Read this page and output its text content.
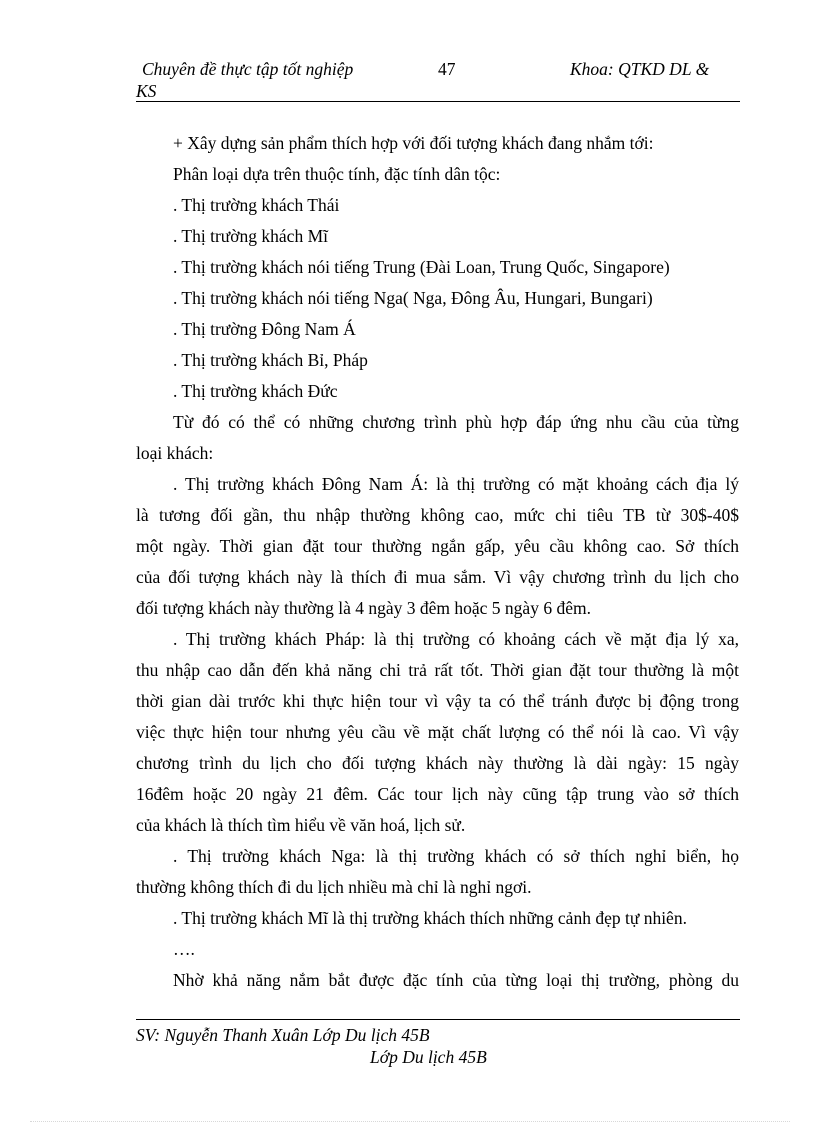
Chuyên đề thực tập tốt nghiệp	47	Khoa: QTKD DL &
KS

+ Xây dựng sản phẩm thích hợp với đối tượng khách đang nhắm tới:

Phân loại dựa trên thuộc tính, đặc tính dân tộc:

. Thị trường khách Thái

. Thị trường khách Mĩ

. Thị trường khách nói tiếng Trung (Đài Loan, Trung Quốc, Singapore)

. Thị trường khách nói tiếng Nga( Nga, Đông Âu, Hungari, Bungari)

. Thị trường Đông Nam Á

. Thị trường khách Bỉ, Pháp

. Thị trường khách Đức

Từ đó có thể có những chương trình phù hợp đáp ứng nhu cầu của từng

loại khách:

. Thị trường khách Đông Nam Á: là thị trường có mặt khoảng cách địa lý

là tương đối gần, thu nhập thường không cao, mức chi tiêu TB từ 30$-40$

một ngày. Thời gian đặt tour thường ngắn gấp, yêu cầu không cao. Sở thích

của đối tượng khách này là thích đi mua sắm. Vì vậy chương trình du lịch cho

đối tượng khách này thường là 4 ngày 3 đêm hoặc 5 ngày 6 đêm.

. Thị trường khách Pháp: là thị trường có khoảng cách về mặt địa lý xa,

thu nhập cao dẫn đến khả năng chi trả rất tốt. Thời gian đặt tour thường là một

thời gian dài trước khi thực hiện tour vì vậy ta có thể tránh được bị động trong

việc thực hiện tour nhưng yêu cầu về mặt chất lượng có thể nói là cao. Vì vậy

chương trình du lịch cho đối tượng khách này thường là dài ngày: 15 ngày

16đêm hoặc 20 ngày 21 đêm. Các tour lịch này cũng tập trung vào sở thích

của khách là thích tìm hiểu về văn hoá, lịch sử.

. Thị trường khách Nga: là thị trường khách có sở thích nghỉ biển, họ

thường không thích đi du lịch nhiều mà chỉ là nghỉ ngơi.

. Thị trường khách Mĩ là thị trường khách thích những cảnh đẹp tự nhiên.

….

Nhờ khả năng nắm bắt được đặc tính của từng loại thị trường, phòng du

SV: Nguyễn Thanh Xuân Lớp Du lịch 45B
Lớp Du lịch 45B
